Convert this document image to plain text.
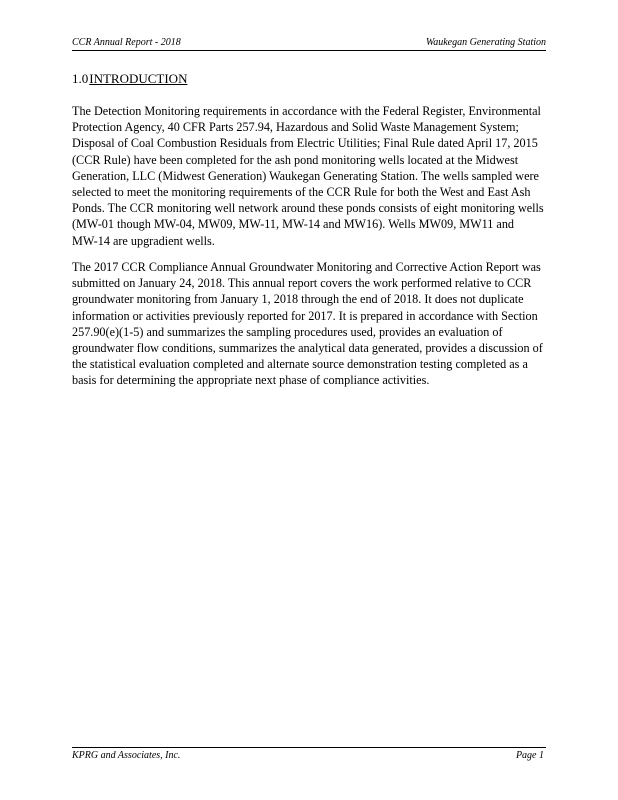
CCR Annual Report - 2018	Waukegan Generating Station
1.0INTRODUCTION

The Detection Monitoring requirements in accordance with the Federal Register, Environmental
Protection Agency, 40 CFR Parts 257.94, Hazardous and Solid Waste Management System;
Disposal of Coal Combustion Residuals from Electric Utilities; Final Rule dated April 17, 2015
(CCR Rule) have been completed for the ash pond monitoring wells located at the Midwest
Generation, LLC (Midwest Generation) Waukegan Generating Station. The wells sampled were
selected to meet the monitoring requirements of the CCR Rule for both the West and East Ash
Ponds. The CCR monitoring well network around these ponds consists of eight monitoring wells
(MW-01 though MW-04, MW09, MW-11, MW-14 and MW16). Wells MW09, MW11 and
MW-14 are upgradient wells.

The 2017 CCR Compliance Annual Groundwater Monitoring and Corrective Action Report was
submitted on January 24, 2018. This annual report covers the work performed relative to CCR
groundwater monitoring from January 1, 2018 through the end of 2018. It does not duplicate
information or activities previously reported for 2017. It is prepared in accordance with Section
257.90(e)(1-5) and summarizes the sampling procedures used, provides an evaluation of
groundwater flow conditions, summarizes the analytical data generated, provides a discussion of
the statistical evaluation completed and alternate source demonstration testing completed as a
basis for determining the appropriate next phase of compliance activities.

KPRG and Associates, Inc.	Page 1
